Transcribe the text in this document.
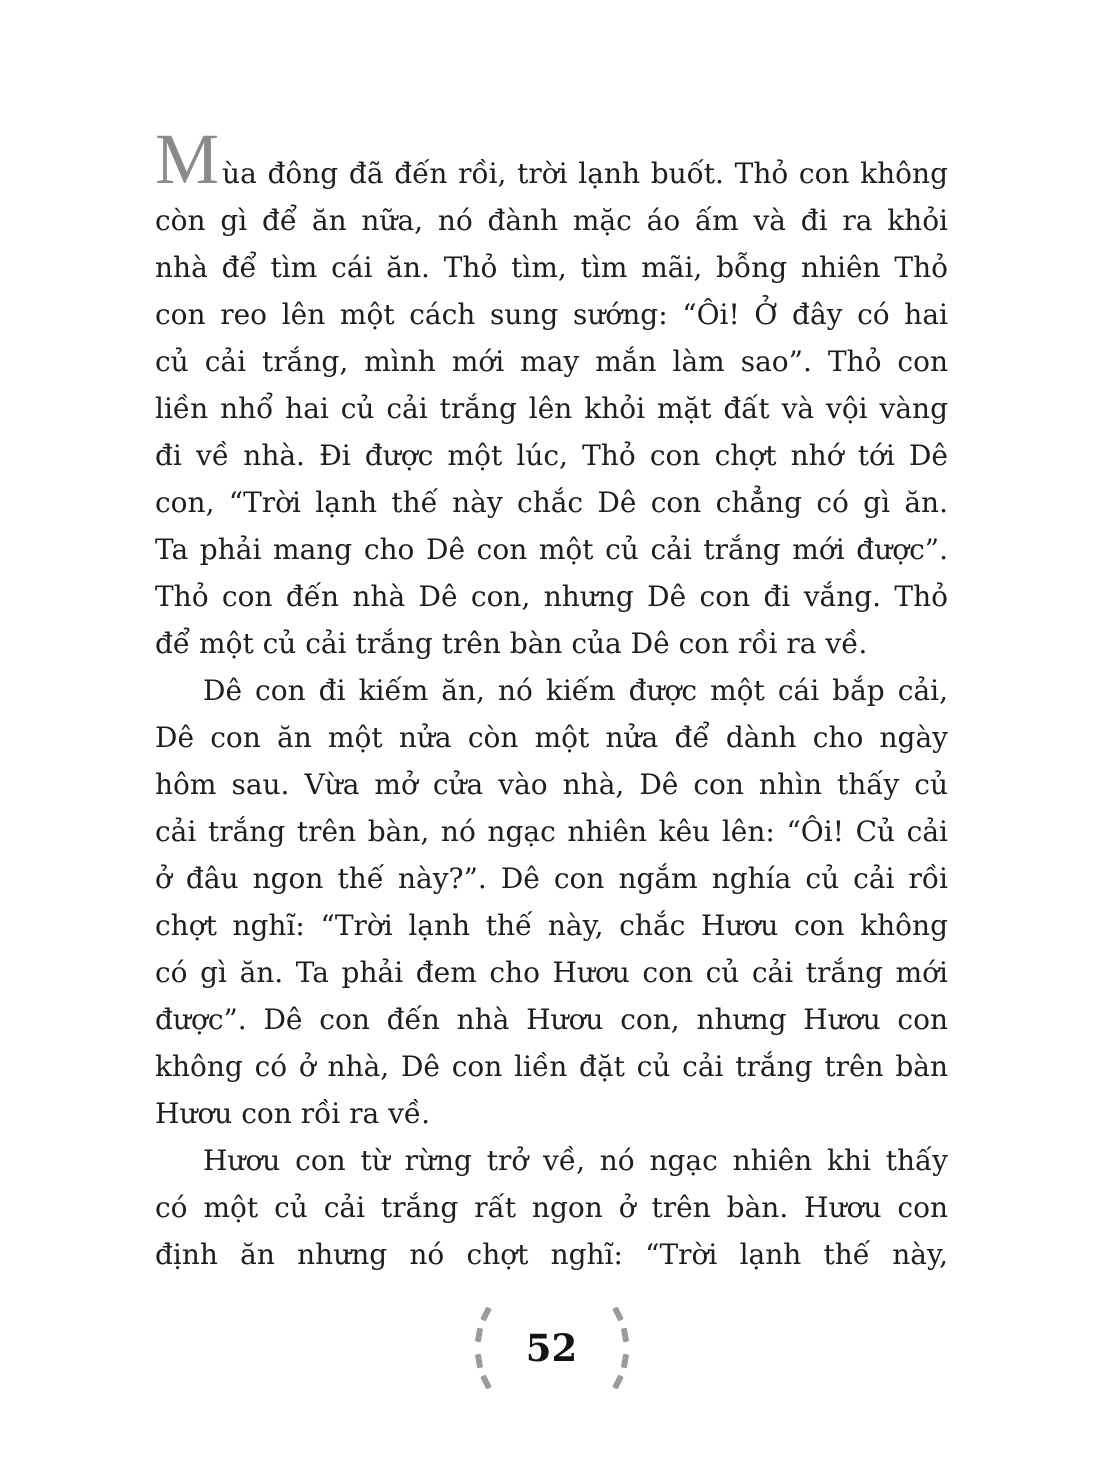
Mùa đông đã đến rồi, trời lạnh buốt. Thỏ con không
còn gì để ăn nữa, nó đành mặc áo ấm và đi ra khỏi
nhà để tìm cái ăn. Thỏ tìm, tìm mãi, bỗng nhiên Thỏ
con reo lên một cách sung sướng: “Ôi! Ở đây có hai
củ cải trắng, mình mới may mắn làm sao”. Thỏ con
liền nhổ hai củ cải trắng lên khỏi mặt đất và vội vàng
đi về nhà. Đi được một lúc, Thỏ con chợt nhớ tới Dê
con, “Trời lạnh thế này chắc Dê con chẳng có gì ăn.
Ta phải mang cho Dê con một củ cải trắng mới được”.
Thỏ con đến nhà Dê con, nhưng Dê con đi vắng. Thỏ
để một củ cải trắng trên bàn của Dê con rồi ra về.
Dê con đi kiếm ăn, nó kiếm được một cái bắp cải,
Dê con ăn một nửa còn một nửa để dành cho ngày
hôm sau. Vừa mở cửa vào nhà, Dê con nhìn thấy củ
cải trắng trên bàn, nó ngạc nhiên kêu lên: “Ôi! Củ cải
ở đâu ngon thế này?”. Dê con ngắm nghía củ cải rồi
chợt nghĩ: “Trời lạnh thế này, chắc Hươu con không
có gì ăn. Ta phải đem cho Hươu con củ cải trắng mới
được”. Dê con đến nhà Hươu con, nhưng Hươu con
không có ở nhà, Dê con liền đặt củ cải trắng trên bàn
Hươu con rồi ra về.
Hươu con từ rừng trở về, nó ngạc nhiên khi thấy
có một củ cải trắng rất ngon ở trên bàn. Hươu con
định ăn nhưng nó chợt nghĩ: “Trời lạnh thế này,
52
